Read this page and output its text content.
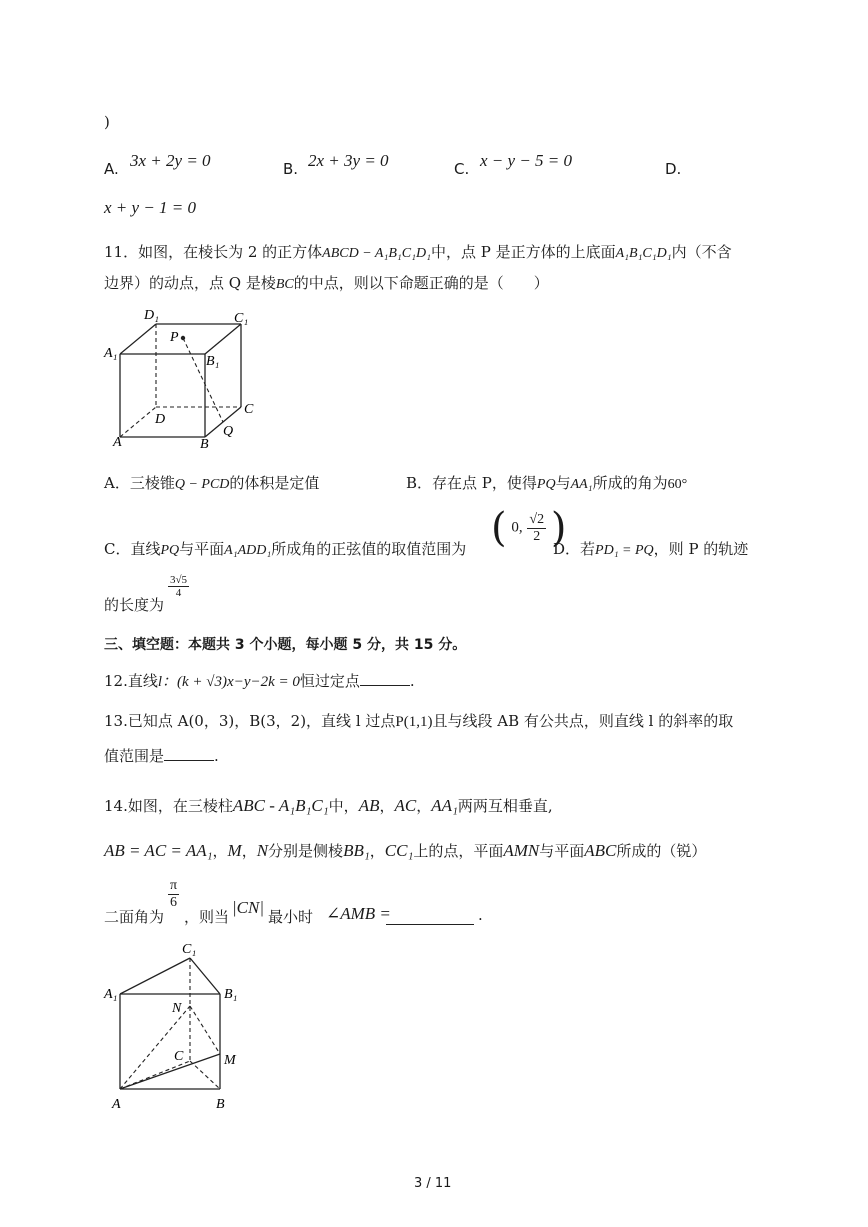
)
A. 3x + 2y = 0	B. 2x + 3y = 0	C. x − y − 5 = 0	D.
x + y − 1 = 0
11．如图，在棱长为 2 的正方体ABCD − A₁B₁C₁D₁中，点 P 是正方体的上底面A₁B₁C₁D₁内（不含
边界）的动点，点 Q 是棱BC的中点，则以下命题正确的是（　　）
D₁	C₁
A₁
B₁
P
D
C
A	B
Q
A．三棱锥Q − PCD的体积是定值	B．存在点 P，使得PQ与AA₁所成的角为60°
C．直线PQ与平面A₁ADD₁所成角的正弦值的取值范围为 ( 0, $\frac{√2}{2}$ )
D．若PD₁ = PQ，则 P 的轨迹
的长度为
$\frac{3√5}{4}$
三、填空题：本题共 3 个小题，每小题 5 分，共 15 分。
12.直线l：(k + √3)x−y−2k = 0恒过定点	.
13.已知点 A(0，3)，B(3，2)，直线 l 过点P(1,1)且与线段 AB 有公共点，则直线 l 的斜率的取
值范围是	.
14.如图，在三棱柱ABC - A₁B₁C₁中，AB，AC，AA₁两两互相垂直,
AB = AC = AA₁，M，N分别是侧棱BB₁，CC₁上的点，平面AMN与平面ABC所成的（锐）
二面角为
$\frac{\pi}{6}$
，则当 |CN| 最小时 ∠AMB =	.
C₁
A₁	B₁
N
C	M
A	B
3 / 11
